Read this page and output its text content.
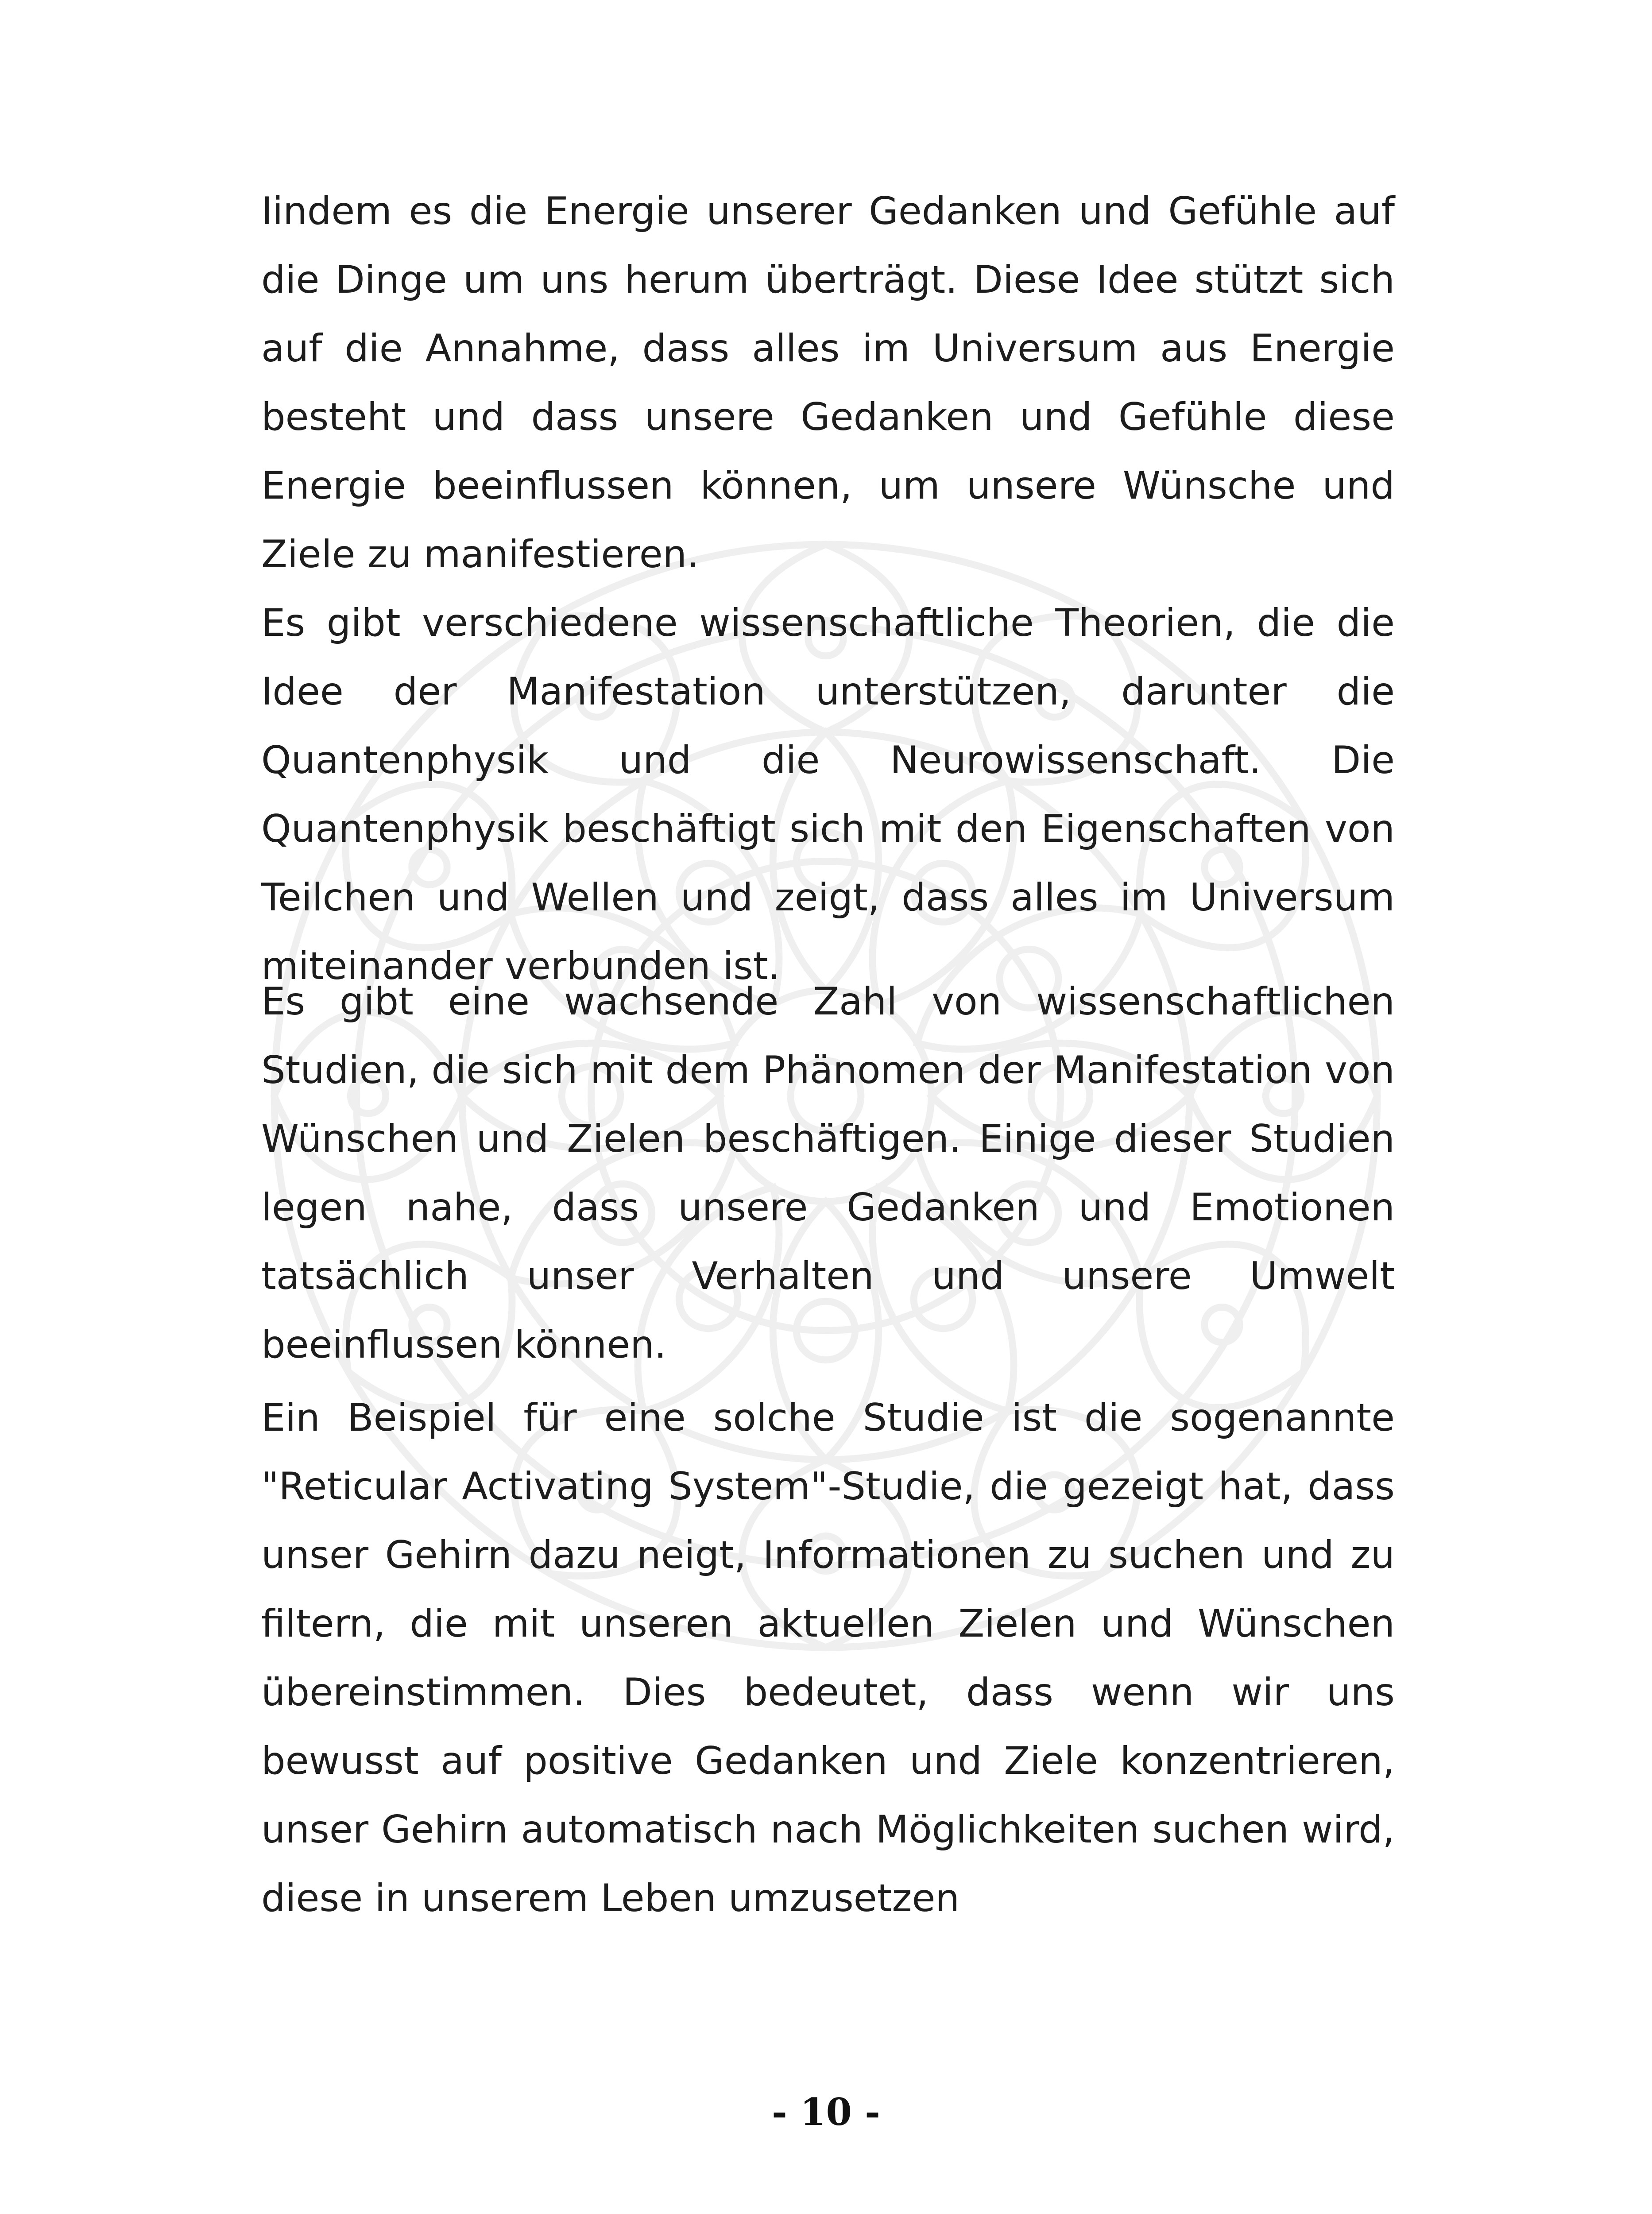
Iindem es die Energie unserer Gedanken und Gefühle auf die Dinge um uns herum überträgt. Diese Idee stützt sich auf die Annahme, dass alles im Universum aus Energie besteht und dass unsere Gedanken und Gefühle diese Energie beeinflussen können, um unsere Wünsche und Ziele zu manifestieren.
Es gibt verschiedene wissenschaftliche Theorien, die die Idee der Manifestation unterstützen, darunter die Quantenphysik und die Neurowissenschaft. Die Quantenphysik beschäftigt sich mit den Eigenschaften von Teilchen und Wellen und zeigt, dass alles im Universum miteinander verbunden ist.

Es gibt eine wachsende Zahl von wissenschaftlichen Studien, die sich mit dem Phänomen der Manifestation von Wünschen und Zielen beschäftigen. Einige dieser Studien legen nahe, dass unsere Gedanken und Emotionen tatsächlich unser Verhalten und unsere Umwelt beeinflussen können.

Ein Beispiel für eine solche Studie ist die sogenannte "Reticular Activating System"-Studie, die gezeigt hat, dass unser Gehirn dazu neigt, Informationen zu suchen und zu filtern, die mit unseren aktuellen Zielen und Wünschen übereinstimmen. Dies bedeutet, dass wenn wir uns bewusst auf positive Gedanken und Ziele konzentrieren, unser Gehirn automatisch nach Möglichkeiten suchen wird, diese in unserem Leben umzusetzen

- 10 -
